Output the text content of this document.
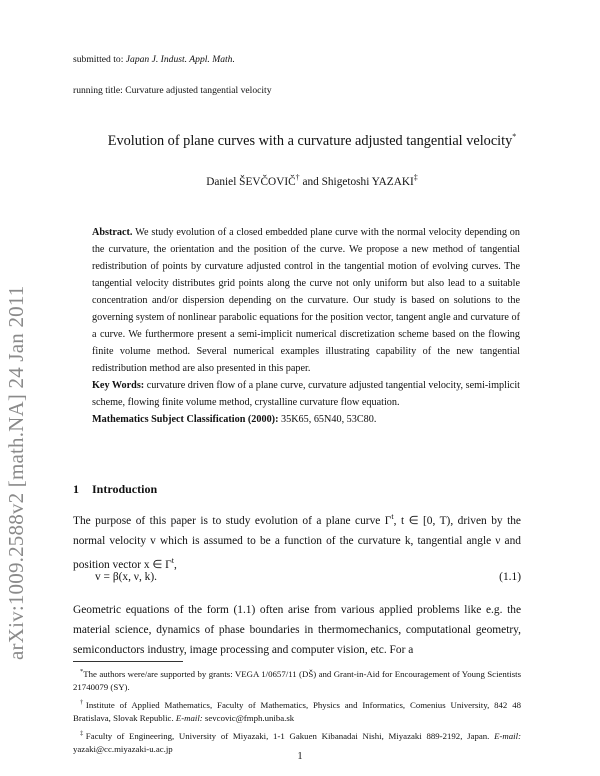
arXiv:1009.2588v2 [math.NA] 24 Jan 2011
submitted to: Japan J. Indust. Appl. Math.
running title: Curvature adjusted tangential velocity
Evolution of plane curves with a curvature adjusted tangential velocity*
Daniel ŠEVČOVIČ† and Shigetoshi YAZAKI‡

Abstract. We study evolution of a closed embedded plane curve with the normal velocity depending on the curvature, the orientation and the position of the curve. We propose a new method of tangential redistribution of points by curvature adjusted control in the tangential motion of evolving curves. The tangential velocity distributes grid points along the curve not only uniform but also lead to a suitable concentration and/or dispersion depending on the curvature. Our study is based on solutions to the governing system of nonlinear parabolic equations for the position vector, tangent angle and curvature of a curve. We furthermore present a semi-implicit numerical discretization scheme based on the flowing finite volume method. Several numerical examples illustrating capability of the new tangential redistribution method are also presented in this paper.

Key Words: curvature driven flow of a plane curve, curvature adjusted tangential velocity, semi-implicit scheme, flowing finite volume method, crystalline curvature flow equation.

Mathematics Subject Classification (2000): 35K65, 65N40, 53C80.

1 Introduction
The purpose of this paper is to study evolution of a plane curve $\Gamma^t$, t ∈ [0, T), driven by the normal velocity v which is assumed to be a function of the curvature k, tangential angle ν and position vector x ∈ $\Gamma^t$,
v = β(x, ν, k).	(1.1)
Geometric equations of the form (1.1) often arise from various applied problems like e.g. the material science, dynamics of phase boundaries in thermomechanics, computational geometry, semiconductors industry, image processing and computer vision, etc. For a

*The authors were/are supported by grants: VEGA 1/0657/11 (DŠ) and Grant-in-Aid for Encouragement of Young Scientists 21740079 (SY).

†Institute of Applied Mathematics, Faculty of Mathematics, Physics and Informatics, Comenius University, 842 48 Bratislava, Slovak Republic. E-mail: sevcovic@fmph.uniba.sk

‡Faculty of Engineering, University of Miyazaki, 1-1 Gakuen Kibanadai Nishi, Miyazaki 889-2192, Japan. E-mail: yazaki@cc.miyazaki-u.ac.jp

1
